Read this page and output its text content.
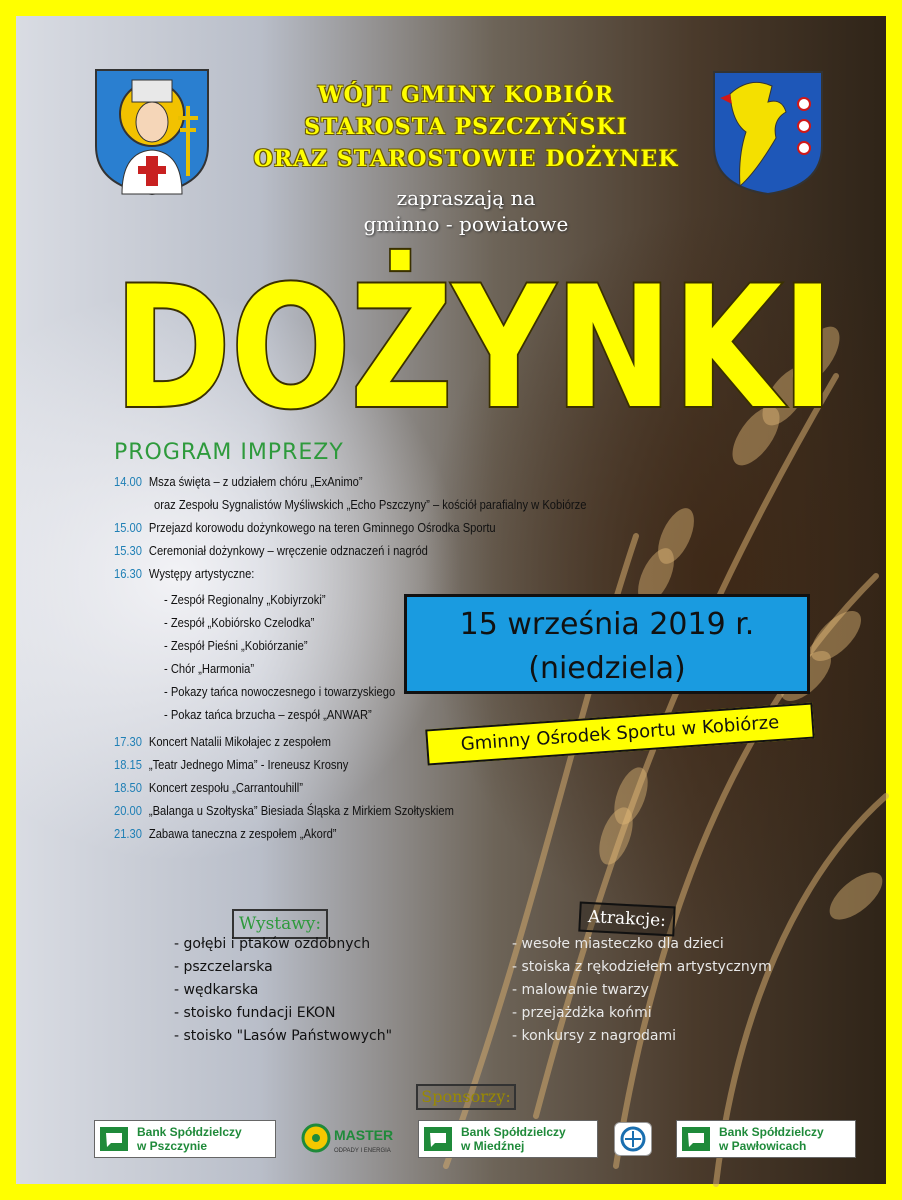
WÓJT GMINY KOBIÓR
STAROSTA PSZCZYŃSKI
ORAZ STAROSTOWIE DOŻYNEK
zapraszają na
gminno - powiatowe
DOŻYNKI
PROGRAM IMPREZY
14.00 Msza święta – z udziałem chóru „ExAnimo”
oraz Zespołu Sygnalistów Myśliwskich „Echo Pszczyny” – kościół parafialny w Kobiórze
15.00 Przejazd korowodu dożynkowego na teren Gminnego Ośrodka Sportu
15.30 Ceremoniał dożynkowy – wręczenie odznaczeń i nagród
16.30 Występy artystyczne:
- Zespół Regionalny „Kobiyrzoki”
- Zespół „Kobiórsko Czelodka”
- Zespół Pieśni „Kobiórzanie”
- Chór „Harmonia”
- Pokazy tańca nowoczesnego i towarzyskiego
- Pokaz tańca brzucha – zespół „ANWAR”
17.30 Koncert Natalii Mikołajec z zespołem
18.15 „Teatr Jednego Mima” - Ireneusz Krosny
18.50 Koncert zespołu „Carrantouhill”
20.00 „Balanga u Szołtyska” Biesiada Śląska z Mirkiem Szołtyskiem
21.30 Zabawa taneczna z zespołem „Akord”
15 września 2019 r.
(niedziela)
Gminny Ośrodek Sportu w Kobiórze
Wystawy:	Atrakcje:
- gołębi i ptaków ozdobnych
- pszczelarska
- wędkarska
- stoisko fundacji EKON
- stoisko "Lasów Państwowych"
- wesołe miasteczko dla dzieci
- stoiska z rękodziełem artystycznym
- malowanie twarzy
- przejażdżka końmi
- konkursy z nagrodami
Sponsorzy:
Bank Spółdzielczy
w Pszczynie
MASTER
ODPADY I ENERGIA
Bank Spółdzielczy
w Miedźnej
Bank Spółdzielczy
w Pawłowicach
